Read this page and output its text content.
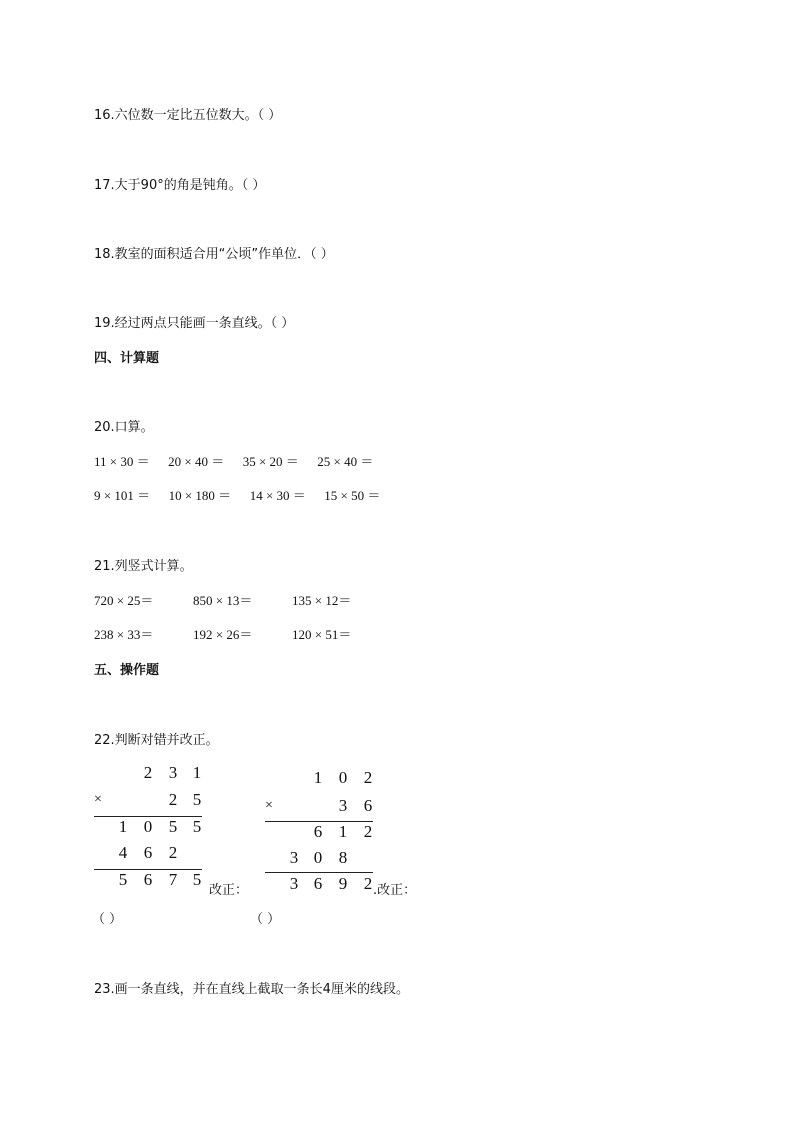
16.六位数一定比五位数大。（ ）
17.大于90°的角是钝角。（ ）
18.教室的面积适合用“公顷”作单位．（ ）
19.经过两点只能画一条直线。（ ）
四、计算题
20.口算。
11 × 30 ＝ 20 × 40 ＝ 35 × 20 ＝ 25 × 40 ＝
9 × 101 ＝ 10 × 180 ＝ 14 × 30 ＝ 15 × 50 ＝
21.列竖式计算。
720 × 25＝	850 × 13＝	135 × 12＝
238 × 33＝	192 × 26＝	120 × 51＝
五、操作题
22.判断对错并改正。
2 3 1
×	2 5
1 0 5 5
4 6 2
5 6 7 5
改正：
（ ）
1 0 2
×	3 6
6 1 2
3 0 8
3 6 9 2 .改正：
（ ）
23.画一条直线，并在直线上截取一条长4厘米的线段。
